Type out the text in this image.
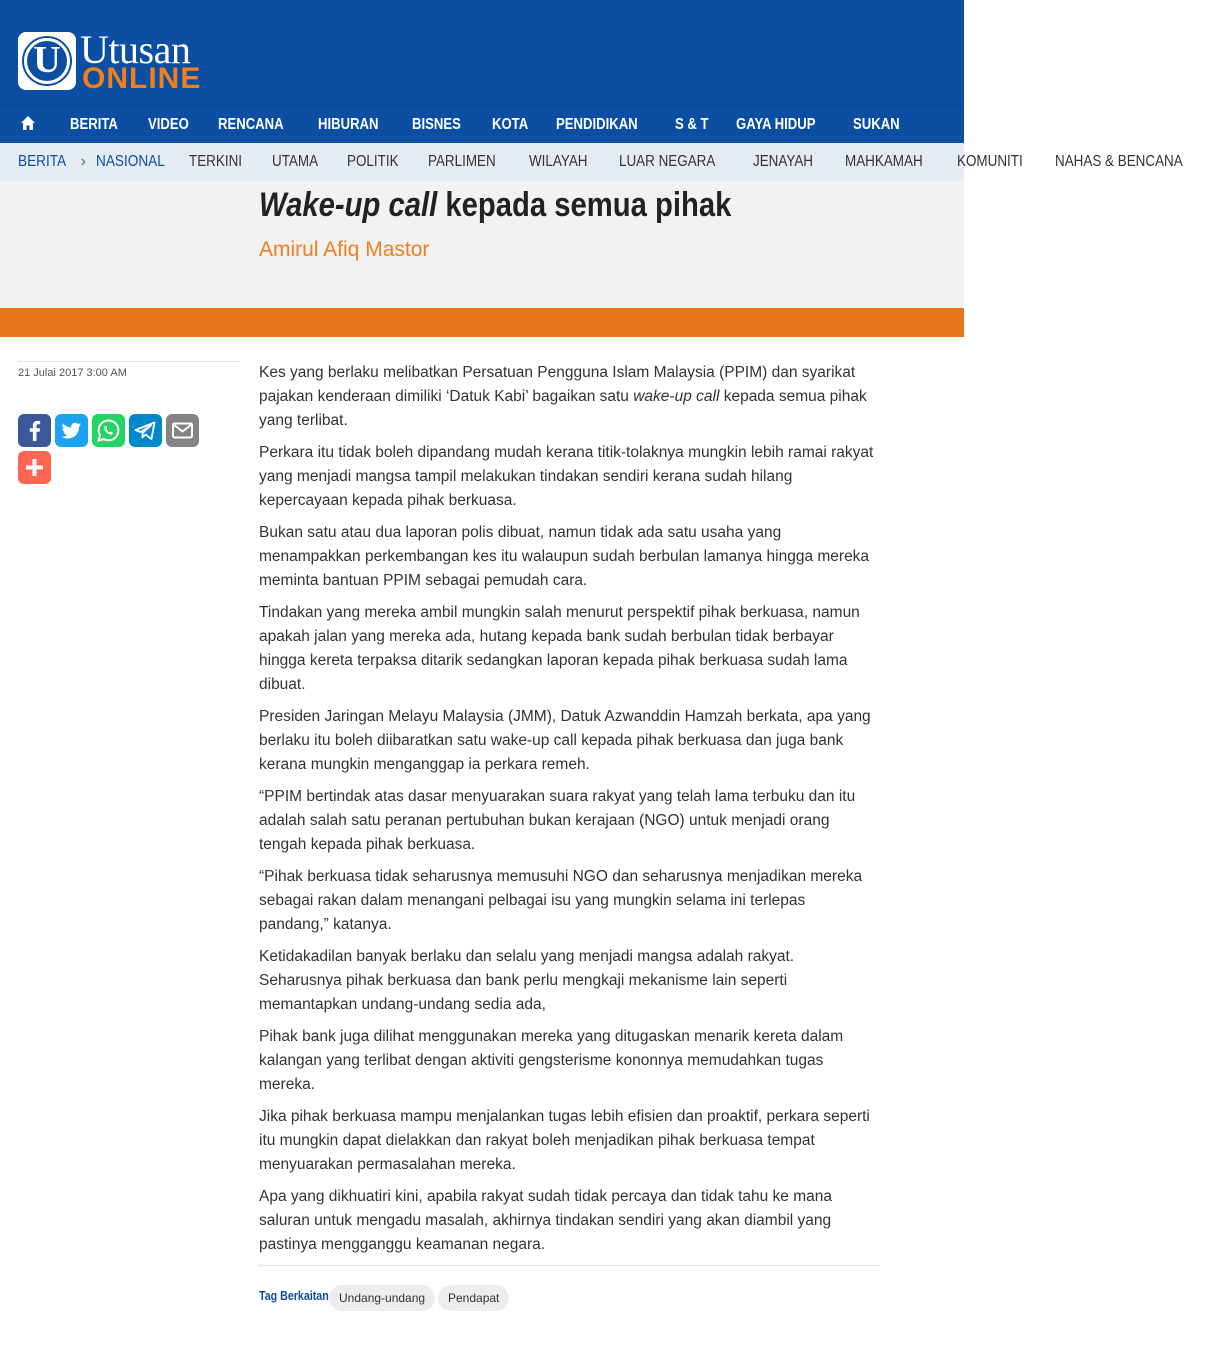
U Utusan
ONLINE
BERITA VIDEO RENCANA HIBURAN BISNES KOTA PENDIDIKAN S & T GAYA HIDUP SUKAN
BERITA › NASIONAL TERKINI UTAMA POLITIK PARLIMEN WILAYAH LUAR NEGARA JENAYAH MAHKAMAH KOMUNITI NAHAS & BENCANA
Wake-up call kepada semua pihak
Amirul Afiq Mastor
21 Julai 2017 3:00 AM	Kes yang berlaku melibatkan Persatuan Pengguna Islam Malaysia (PPIM) dan syarikat pajakan kenderaan dimiliki ‘Datuk Kabi’ bagaikan satu wake-up call kepada semua pihak yang terlibat.

Perkara itu tidak boleh dipandang mudah kerana titik-tolaknya mungkin lebih ramai rakyat yang menjadi mangsa tampil melakukan tindakan sendiri kerana sudah hilang kepercayaan kepada pihak berkuasa.

Bukan satu atau dua laporan polis dibuat, namun tidak ada satu usaha yang menampakkan perkembangan kes itu walaupun sudah berbulan lamanya hingga mereka meminta bantuan PPIM sebagai pemudah cara.

Tindakan yang mereka ambil mungkin salah menurut perspektif pihak berkuasa, namun apakah jalan yang mereka ada, hutang kepada bank sudah berbulan tidak berbayar hingga kereta terpaksa ditarik sedangkan laporan kepada pihak berkuasa sudah lama dibuat.

Presiden Jaringan Melayu Malaysia (JMM), Datuk Azwanddin Hamzah berkata, apa yang berlaku itu boleh diibaratkan satu wake-up call kepada pihak berkuasa dan juga bank kerana mungkin menganggap ia perkara remeh.

“PPIM bertindak atas dasar menyuarakan suara rakyat yang telah lama terbuku dan itu adalah salah satu peranan pertubuhan bukan kerajaan (NGO) untuk menjadi orang tengah kepada pihak berkuasa.

“Pihak berkuasa tidak seharusnya memusuhi NGO dan seharusnya menjadikan mereka sebagai rakan dalam menangani pelbagai isu yang mungkin selama ini terlepas pandang,” katanya.

Ketidakadilan banyak berlaku dan selalu yang menjadi mangsa adalah rakyat. Seharusnya pihak berkuasa dan bank perlu mengkaji mekanisme lain seperti memantapkan undang-undang sedia ada,

Pihak bank juga dilihat menggunakan mereka yang ditugaskan menarik kereta dalam kalangan yang terlibat dengan aktiviti gengsterisme kononnya memudahkan tugas mereka.

Jika pihak berkuasa mampu menjalankan tugas lebih efisien dan proaktif, perkara seperti itu mungkin dapat dielakkan dan rakyat boleh menjadikan pihak berkuasa tempat menyuarakan permasalahan mereka.

Apa yang dikhuatiri kini, apabila rakyat sudah tidak percaya dan tidak tahu ke mana saluran untuk mengadu masalah, akhirnya tindakan sendiri yang akan diambil yang pastinya mengganggu keamanan negara.

Tag Berkaitan Undang-undang	Pendapat
